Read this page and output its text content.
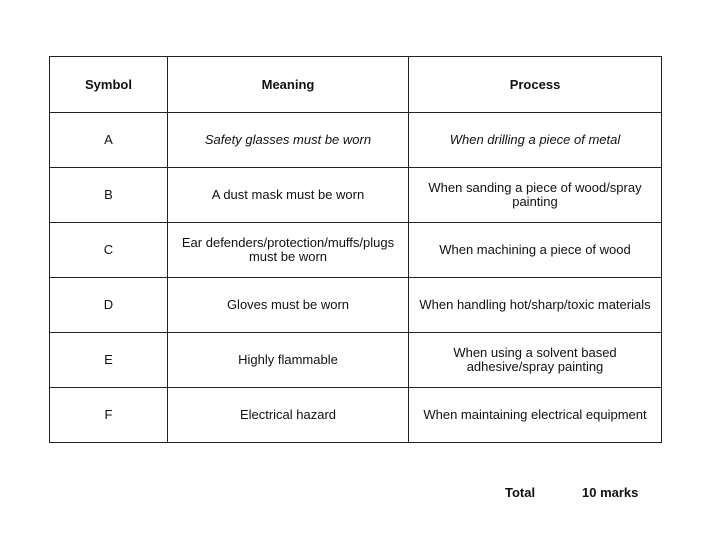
Symbol	Meaning	Process
A	Safety glasses must be worn	When drilling a piece of metal
B	A dust mask must be worn	When sanding a piece of wood/spray painting
C	Ear defenders/protection/muffs/plugs must be worn	When machining a piece of wood
D	Gloves must be worn	When handling hot/sharp/toxic materials
E	Highly flammable	When using a solvent based adhesive/spray painting
F	Electrical hazard	When maintaining electrical equipment
Total	10 marks
